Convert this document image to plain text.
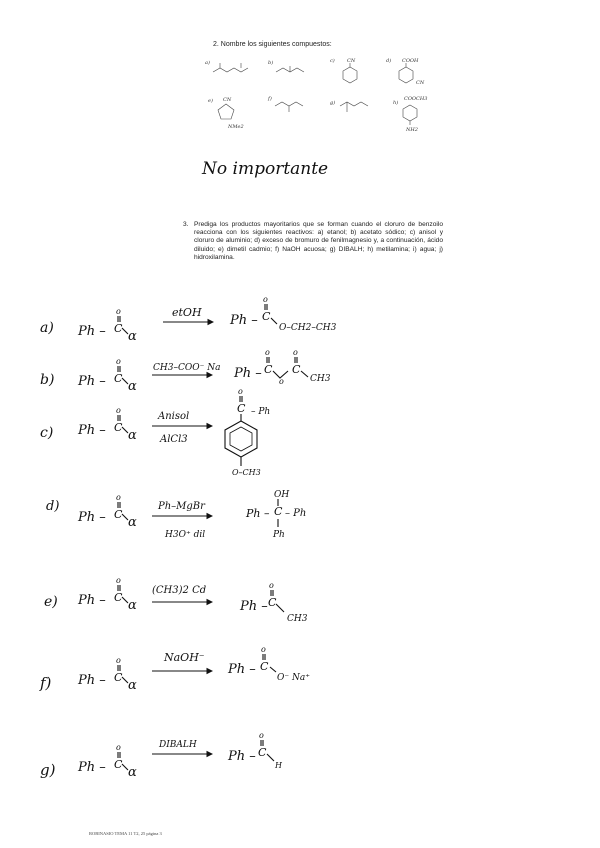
2. Nombre los siguientes compuestos:
a)	b)	c) CN	d) COOH
CN
e) CN
NMe2
f)
g)	h)
COOCH3
NH2
No importante
3. Prediga los productos mayoritarios que se forman cuando el cloruro de benzoilo reacciona con los siguientes reactivos: a) etanol; b) acetato sódico; c) anisol y cloruro de aluminio; d) exceso de bromuro de fenilmagnesio y, a continuación, ácido diluido; e) dimetil cadmio; f) NaOH acuosa; g) DIBALH; h) metilamina; i) agua; j) hidroxilamina.
a) Ph – C
o
α
etOH
Ph – C
o
O–CH2–CH3
b) Ph – C
o
α
CH3–COO⁻ Na Ph – C
o
o
C
o
CH3
c) Ph – C
o
α
Anisol
AlCl3
C
o
– Ph
O–CH3
d)
Ph – C
o
α
Ph–MgBr
H3O⁺ dil
OH
Ph – C – Ph
Ph
e) Ph – C
o
α
(CH3)2 Cd
Ph – C
o
CH3
f) Ph – C
o
α
NaOH⁻
Ph – C
o
O⁻ Na⁺
g) Ph – C
o
α
DIBALH
Ph – C
o
H
ROBINASIO TEMA 11 T2, 25 página 3
